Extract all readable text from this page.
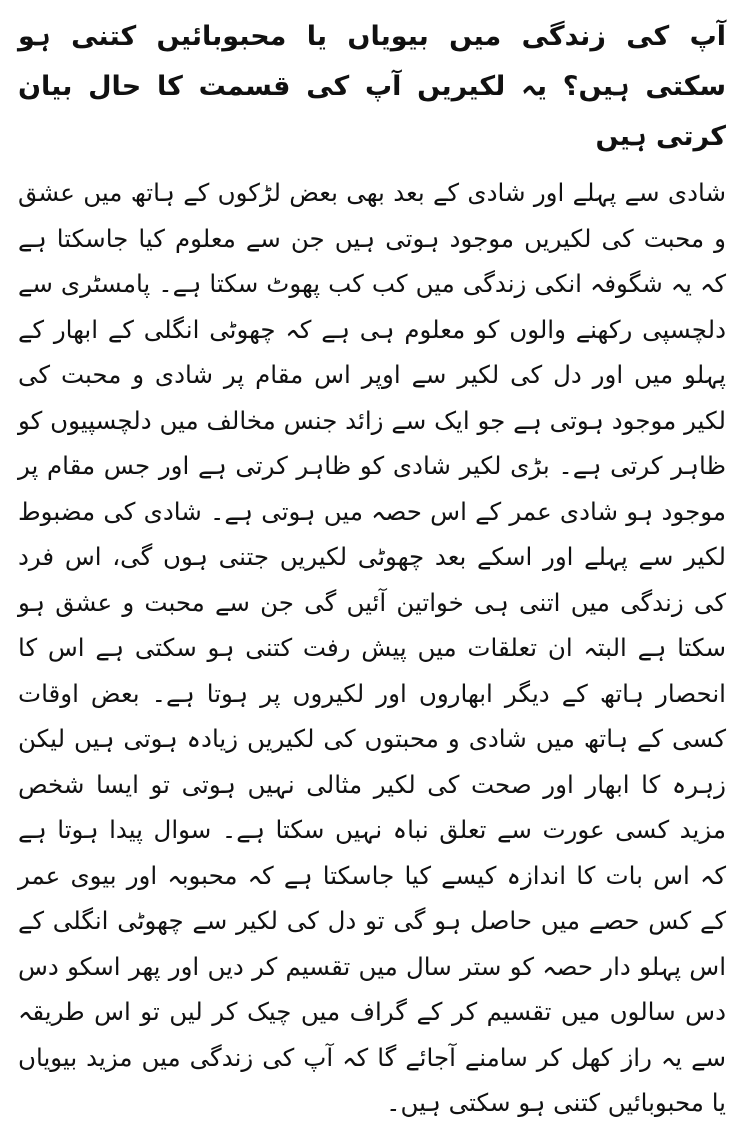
آپ کی زندگی میں بیویاں یا محبوبائیں کتنی ہو سکتی ہیں؟ یہ لکیریں آپ کی قسمت کا حال بیان کرتی ہیں

شادی سے پہلے اور شادی کے بعد بھی بعض لڑکوں کے ہاتھ میں عشق و محبت کی لکیریں موجود ہوتی ہیں جن سے معلوم کیا جاسکتا ہے کہ یہ شگوفہ انکی زندگی میں کب کب پھوٹ سکتا ہے۔ پامسٹری سے دلچسپی رکھنے والوں کو معلوم ہی ہے کہ چھوٹی انگلی کے ابھار کے پہلو میں اور دل کی لکیر سے اوپر اس مقام پر شادی و محبت کی لکیر موجود ہوتی ہے جو ایک سے زائد جنس مخالف میں دلچسپیوں کو ظاہر کرتی ہے۔ بڑی لکیر شادی کو ظاہر کرتی ہے اور جس مقام پر موجود ہو شادی عمر کے اس حصہ میں ہوتی ہے۔ شادی کی مضبوط لکیر سے پہلے اور اسکے بعد چھوٹی لکیریں جتنی ہوں گی، اس فرد کی زندگی میں اتنی ہی خواتین آئیں گی جن سے محبت و عشق ہو سکتا ہے البتہ ان تعلقات میں پیش رفت کتنی ہو سکتی ہے اس کا انحصار ہاتھ کے دیگر ابھاروں اور لکیروں پر ہوتا ہے۔ بعض اوقات کسی کے ہاتھ میں شادی و محبتوں کی لکیریں زیادہ ہوتی ہیں لیکن زہرہ کا ابھار اور صحت کی لکیر مثالی نہیں ہوتی تو ایسا شخص مزید کسی عورت سے تعلق نباہ نہیں سکتا ہے۔ سوال پیدا ہوتا ہے کہ اس بات کا اندازہ کیسے کیا جاسکتا ہے کہ محبوبہ اور بیوی عمر کے کس حصے میں حاصل ہو گی تو دل کی لکیر سے چھوٹی انگلی کے اس پہلو دار حصہ کو ستر سال میں تقسیم کر دیں اور پھر اسکو دس دس سالوں میں تقسیم کر کے گراف میں چیک کر لیں تو اس طریقہ سے یہ راز کھل کر سامنے آجائے گا کہ آپ کی زندگی میں مزید بیویاں یا محبوبائیں کتنی ہو سکتی ہیں۔
